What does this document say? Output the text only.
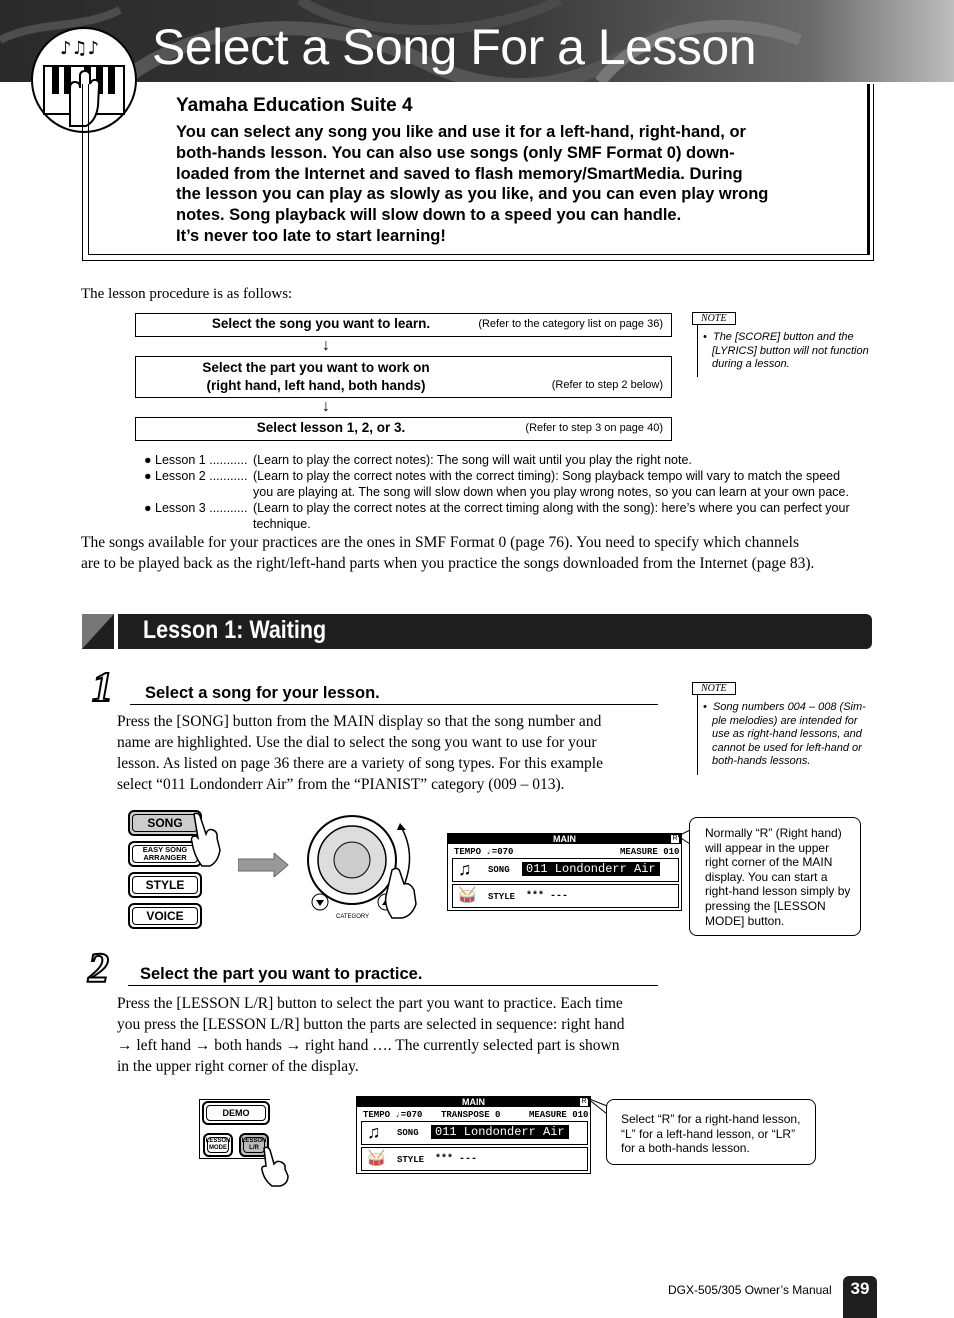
Select a Song For a Lesson
♪♫♪
Yamaha Education Suite 4
You can select any song you like and use it for a left-hand, right-hand, or
both-hands lesson. You can also use songs (only SMF Format 0) down-
loaded from the Internet and saved to flash memory/SmartMedia. During
the lesson you can play as slowly as you like, and you can even play wrong
notes. Song playback will slow down to a speed you can handle.
It’s never too late to start learning!
The lesson procedure is as follows:
Select the song you want to learn.	(Refer to the category list on page 36)
↓
Select the part you want to work on
(right hand, left hand, both hands)	(Refer to step 2 below)
↓
Select lesson 1, 2, or 3.	(Refer to step 3 on page 40)
NOTE
•  The [SCORE] button and the
[LYRICS] button will not function
during a lesson.
● Lesson 1 ........... (Learn to play the correct notes): The song will wait until you play the right note.
● Lesson 2 ........... (Learn to play the correct notes with the correct timing): Song playback tempo will vary to match the speed
you are playing at. The song will slow down when you play wrong notes, so you can learn at your own pace.
● Lesson 3 ........... (Learn to play the correct notes at the correct timing along with the song): here’s where you can perfect your
technique.
The songs available for your practices are the ones in SMF Format 0 (page 76). You need to specify which channels
are to be played back as the right/left-hand parts when you practice the songs downloaded from the Internet (page 83).
Lesson 1: Waiting
1 Select a song for your lesson.
Press the [SONG] button from the MAIN display so that the song number and
name are highlighted. Use the dial to select the song you want to use for your
lesson. As listed on page 36 there are a variety of song types. For this example
select “011 Londonderr Air” from the “PIANIST” category (009 – 013).
NOTE
•  Song numbers 004 – 008 (Sim-
ple melodies) are intended for
use as right-hand lessons, and
cannot be used for left-hand or
both-hands lessons.
SONG
EASY SONG
ARRANGER
STYLE
VOICE	CATEGORY
MAIN	R
TEMPO ♩=070	MEASURE 010
♫ SONG	011 Londonderr Air
🥁 STYLE *** ---
Normally “R” (Right hand)
will appear in the upper
right corner of the MAIN
display. You can start a
right-hand lesson simply by
pressing the [LESSON
MODE] button.
2 Select the part you want to practice.
Press the [LESSON L/R] button to select the part you want to practice. Each time
you press the [LESSON L/R] button the parts are selected in sequence: right hand
→ left hand → both hands → right hand …. The currently selected part is shown
in the upper right corner of the display.
DEMO
LESSON
MODE
LESSON
L/R
MAIN	R
TEMPO ♩=070 TRANSPOSE 0	MEASURE 010
♫ SONG	011 Londonderr Air
🥁 STYLE *** ---
Select “R” for a right-hand lesson,
“L” for a left-hand lesson, or “LR”
for a both-hands lesson.
DGX-505/305 Owner’s Manual	39
